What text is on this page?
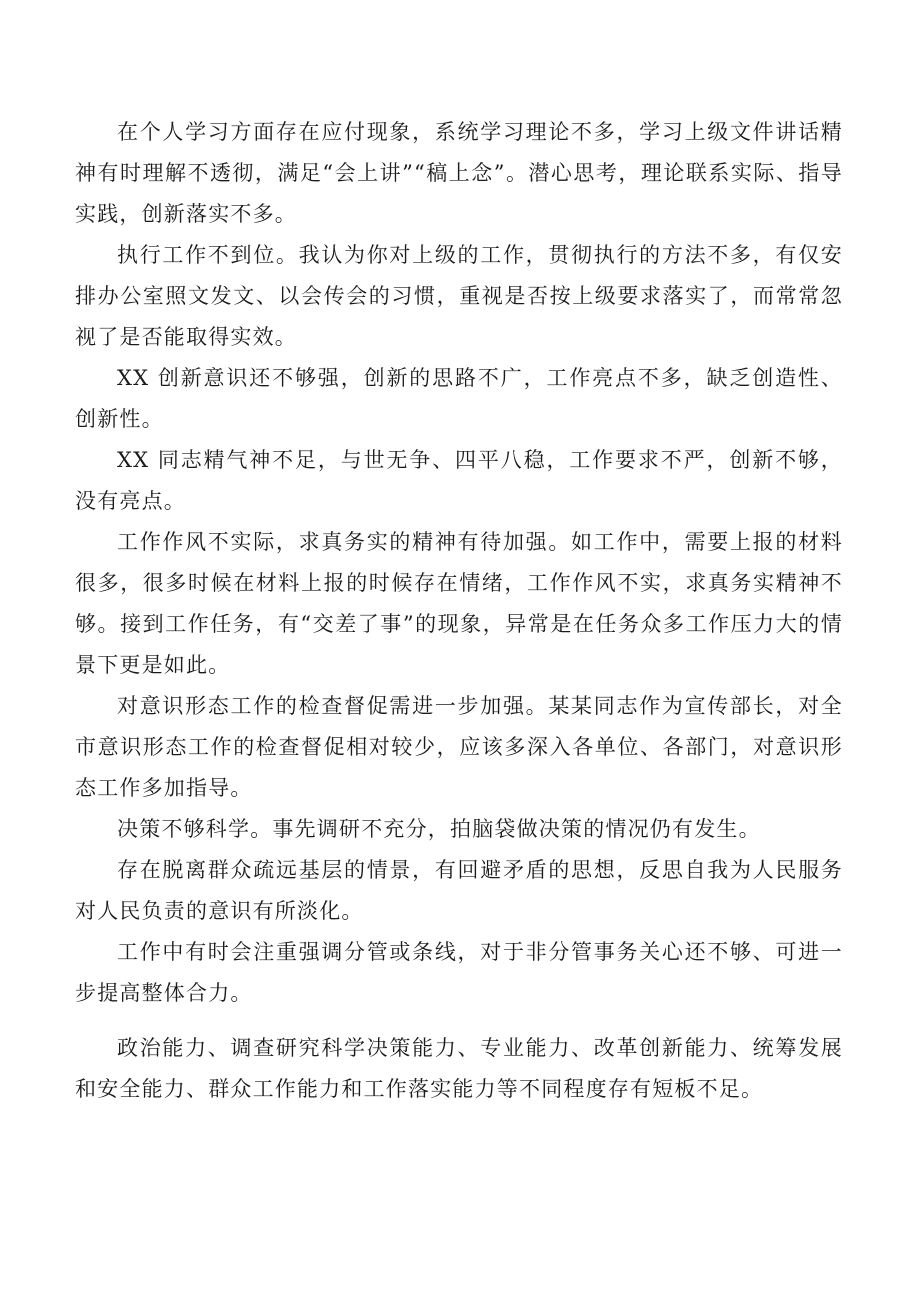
在个人学习方面存在应付现象，系统学习理论不多，学习上级文件讲话精神有时理解不透彻，满足“会上讲”“稿上念”。潜心思考，理论联系实际、指导实践，创新落实不多。

执行工作不到位。我认为你对上级的工作，贯彻执行的方法不多，有仅安排办公室照文发文、以会传会的习惯，重视是否按上级要求落实了，而常常忽视了是否能取得实效。

XX 创新意识还不够强，创新的思路不广，工作亮点不多，缺乏创造性、创新性。

XX 同志精气神不足，与世无争、四平八稳，工作要求不严，创新不够，没有亮点。

工作作风不实际，求真务实的精神有待加强。如工作中，需要上报的材料很多，很多时候在材料上报的时候存在情绪，工作作风不实，求真务实精神不够。接到工作任务，有“交差了事”的现象，异常是在任务众多工作压力大的情景下更是如此。

对意识形态工作的检查督促需进一步加强。某某同志作为宣传部长，对全市意识形态工作的检查督促相对较少，应该多深入各单位、各部门，对意识形态工作多加指导。

决策不够科学。事先调研不充分，拍脑袋做决策的情况仍有发生。

存在脱离群众疏远基层的情景，有回避矛盾的思想，反思自我为人民服务对人民负责的意识有所淡化。

工作中有时会注重强调分管或条线，对于非分管事务关心还不够、可进一步提高整体合力。

政治能力、调查研究科学决策能力、专业能力、改革创新能力、统筹发展和安全能力、群众工作能力和工作落实能力等不同程度存有短板不足。
